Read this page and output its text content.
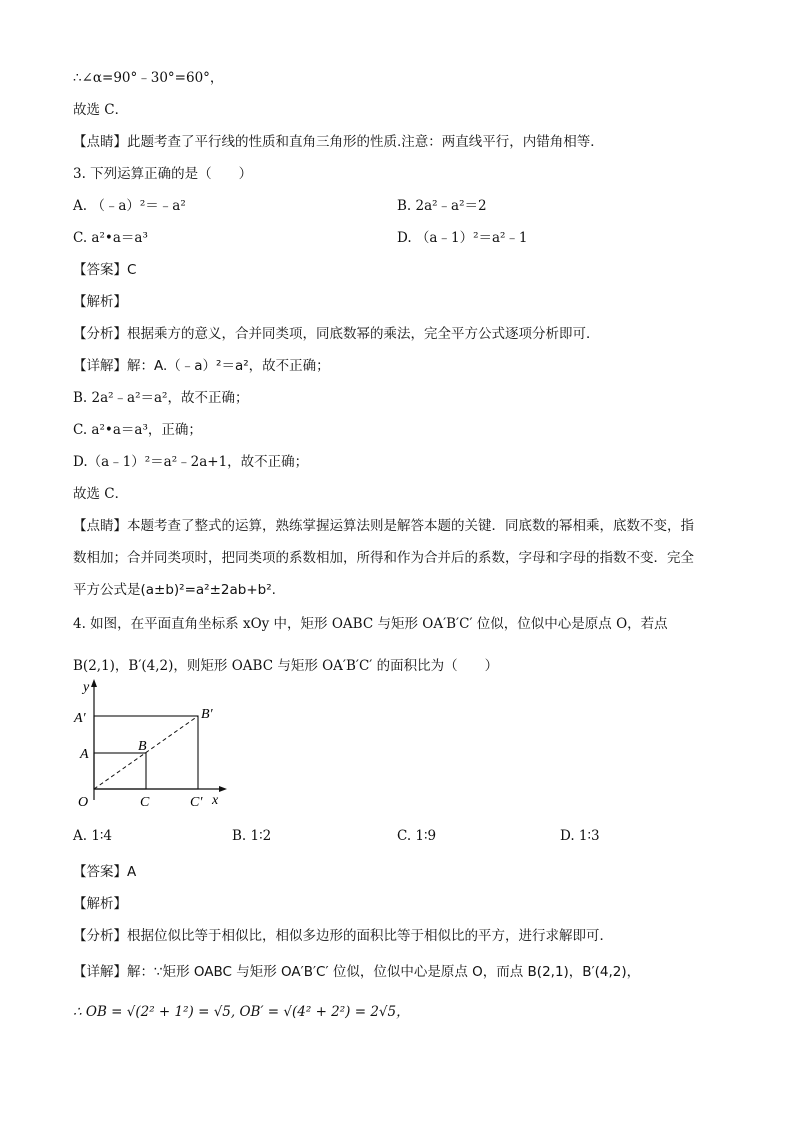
∴∠α=90°﹣30°=60°，
故选 C．
【点睛】此题考查了平行线的性质和直角三角形的性质.注意：两直线平行，内错角相等．
3. 下列运算正确的是（　　）
A. （﹣a）²＝﹣a²	B. 2a²﹣a²＝2
C. a²•a＝a³	D. （a﹣1）²＝a²﹣1
【答案】C
【解析】
【分析】根据乘方的意义，合并同类项，同底数幂的乘法，完全平方公式逐项分析即可．
【详解】解：A.（﹣a）²＝a²，故不正确；
B. 2a²﹣a²＝a²，故不正确；
C. a²•a＝a³，正确；
D.（a﹣1）²＝a²﹣2a+1，故不正确；
故选 C．
【点睛】本题考查了整式的运算，熟练掌握运算法则是解答本题的关键．同底数的幂相乘，底数不变，指
数相加；合并同类项时，把同类项的系数相加，所得和作为合并后的系数，字母和字母的指数不变．完全
平方公式是(a±b)²=a²±2ab+b².
4. 如图，在平面直角坐标系 xOy 中，矩形 OABC 与矩形 OA′B′C′ 位似，位似中心是原点 O，若点
B(2,1)，B′(4,2)，则矩形 OABC 与矩形 OA′B′C′ 的面积比为（　　）
y
x
O
A
B
C
A′	B′
C′
A. 1∶4	B. 1∶2	C. 1∶9	D. 1∶3
【答案】A
【解析】
【分析】根据位似比等于相似比，相似多边形的面积比等于相似比的平方，进行求解即可．
【详解】解：∵矩形 OABC 与矩形 OA′B′C′ 位似，位似中心是原点 O，而点 B(2,1)，B′(4,2)，
∴ OB = √(2² + 1²) = √5, OB′ = √(4² + 2²) = 2√5，
